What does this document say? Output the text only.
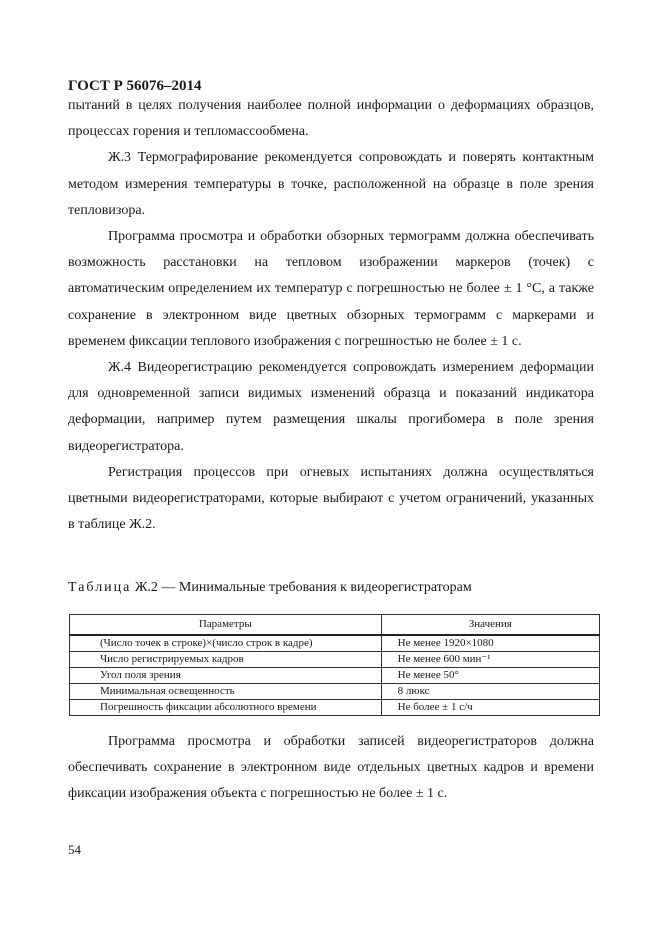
ГОСТ Р 56076–2014

пытаний в целях получения наиболее полной информации о деформациях образцов, процессах горения и тепломассообмена.

Ж.3 Термографирование рекомендуется сопровождать и поверять контактным методом измерения температуры в точке, расположенной на образце в поле зрения тепловизора.

Программа просмотра и обработки обзорных термограмм должна обеспечивать возможность расстановки на тепловом изображении маркеров (точек) с автоматическим определением их температур с погрешностью не более ± 1 °С, а также сохранение в электронном виде цветных обзорных термограмм с маркерами и временем фиксации теплового изображения с погрешностью не более ± 1 с.

Ж.4 Видеорегистрацию рекомендуется сопровождать измерением деформации для одновременной записи видимых изменений образца и показаний индикатора деформации, например путем размещения шкалы прогибомера в поле зрения видеорегистратора.

Регистрация процессов при огневых испытаниях должна осуществляться цветными видеорегистраторами, которые выбирают с учетом ограничений, указанных в таблице Ж.2.

Таблица Ж.2 — Минимальные требования к видеорегистраторам
Параметры	Значения
(Число точек в строке)×(число строк в кадре)	Не менее 1920×1080
Число регистрируемых кадров	Не менее 600 мин⁻¹
Угол поля зрения	Не менее 50°
Минимальная освещенность	8 люкс
Погрешность фиксации абсолютного времени	Не более ± 1 с/ч

Программа просмотра и обработки записей видеорегистраторов должна обеспечивать сохранение в электронном виде отдельных цветных кадров и времени фиксации изображения объекта с погрешностью не более ± 1 с.

54
